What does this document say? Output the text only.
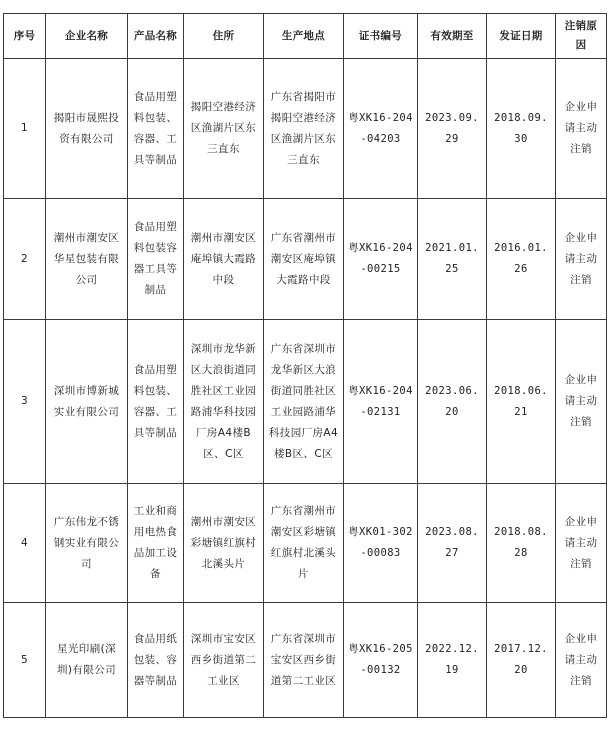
序号	企业名称	产品名称	住所	生产地点	证书编号	有效期至	发证日期	注销原因
1	揭阳市晟熙投资有限公司	食品用塑料包装、容器、工具等制品	揭阳空港经济区渔湖片区东三直东	广东省揭阳市揭阳空港经济区渔湖片区东三直东	粤XK16-204-04203	2023.09.29	2018.09.30	企业申请主动注销
2	潮州市潮安区华星包装有限公司	食品用塑料包装容器工具等制品	潮州市潮安区庵埠镇大霞路中段	广东省潮州市潮安区庵埠镇大霞路中段	粤XK16-204-00215	2021.01.25	2016.01.26	企业申请主动注销
3	深圳市博新城实业有限公司	食品用塑料包装、容器、工具等制品	深圳市龙华新区大浪街道同胜社区工业园路浦华科技园厂房A4楼B区、C区	广东省深圳市龙华新区大浪街道同胜社区工业园路浦华科技园厂房A4楼B区、C区	粤XK16-204-02131	2023.06.20	2018.06.21	企业申请主动注销
4	广东伟龙不锈钢实业有限公司	工业和商用电热食品加工设备	潮州市潮安区彩塘镇红旗村北溪头片	广东省潮州市潮安区彩塘镇红旗村北溪头片	粤XK01-302-00083	2023.08.27	2018.08.28	企业申请主动注销
5	星光印刷(深圳)有限公司	食品用纸包装、容器等制品	深圳市宝安区西乡街道第二工业区	广东省深圳市宝安区西乡街道第二工业区	粤XK16-205-00132	2022.12.19	2017.12.20	企业申请主动注销
